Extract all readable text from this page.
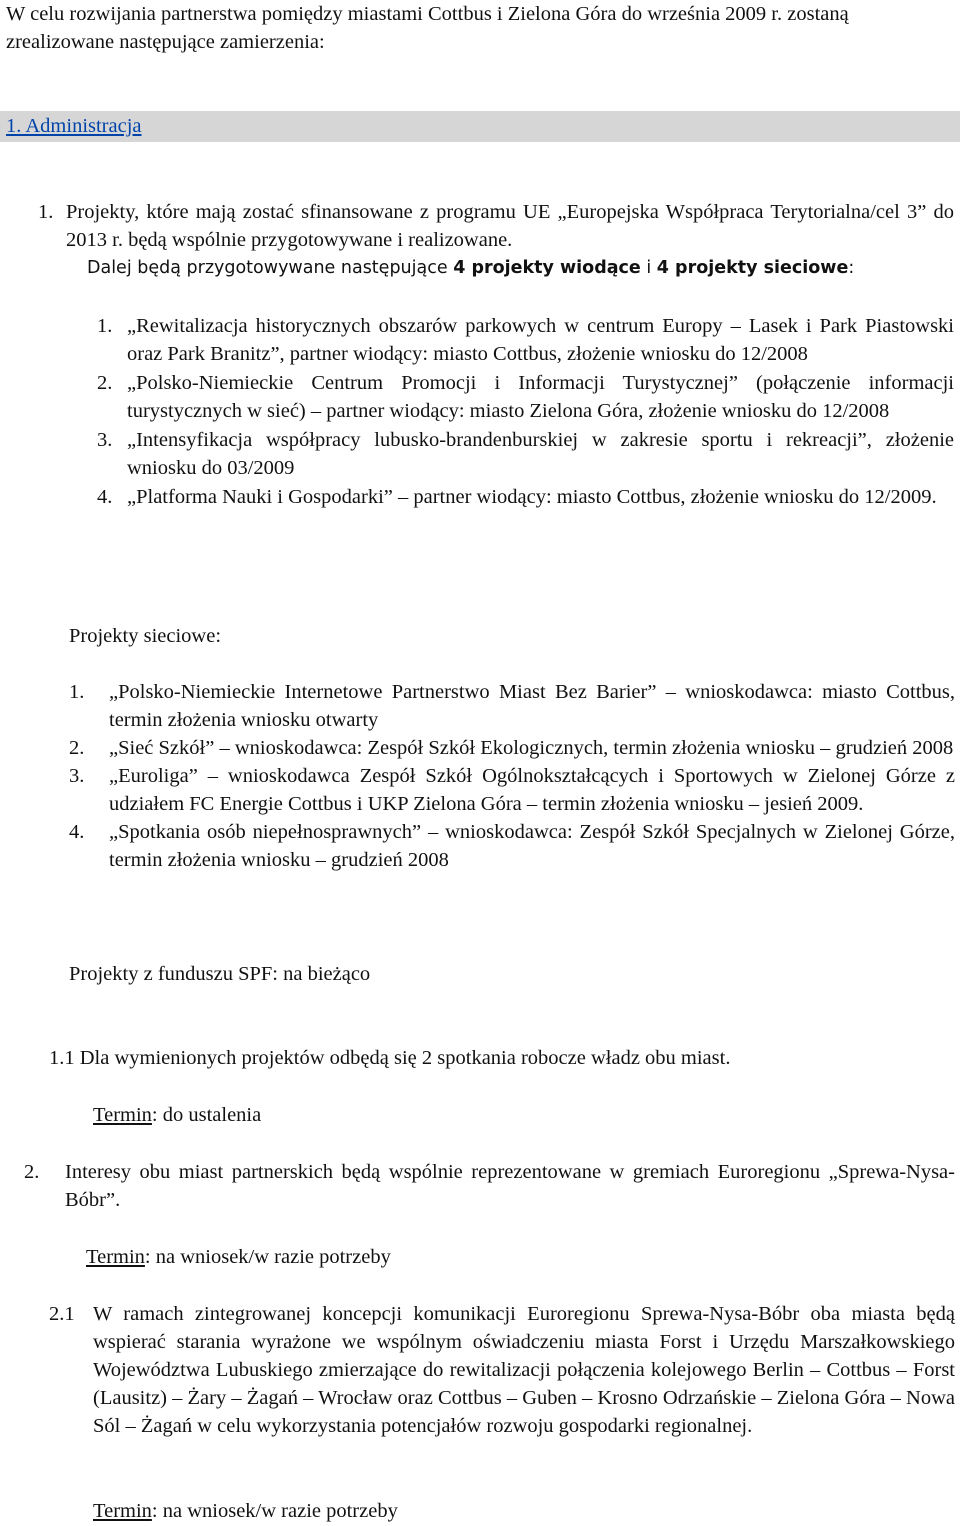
W celu rozwijania partnerstwa pomiędzy miastami Cottbus i Zielona Góra do września 2009 r. zostaną zrealizowane następujące zamierzenia:
1. Administracja
1. Projekty, które mają zostać sfinansowane z programu UE „Europejska Współpraca Terytorialna/cel 3” do 2013 r. będą wspólnie przygotowywane i realizowane.
Dalej będą przygotowywane następujące 4 projekty wiodące i 4 projekty sieciowe:
1. „Rewitalizacja historycznych obszarów parkowych w centrum Europy – Lasek i Park Piastowski oraz Park Branitz”, partner wiodący: miasto Cottbus, złożenie wniosku do 12/2008
2. „Polsko-Niemieckie Centrum Promocji i Informacji Turystycznej” (połączenie informacji turystycznych w sieć) – partner wiodący: miasto Zielona Góra, złożenie wniosku do 12/2008
3. „Intensyfikacja współpracy lubusko-brandenburskiej w zakresie sportu i rekreacji”, złożenie wniosku do 03/2009
4. „Platforma Nauki i Gospodarki” – partner wiodący: miasto Cottbus, złożenie wniosku do 12/2009.
Projekty sieciowe:
1. „Polsko-Niemieckie Internetowe Partnerstwo Miast Bez Barier” – wnioskodawca: miasto Cottbus, termin złożenia wniosku otwarty
2. „Sieć Szkół” – wnioskodawca: Zespół Szkół Ekologicznych, termin złożenia wniosku – grudzień 2008
3. „Euroliga” – wnioskodawca Zespół Szkół Ogólnokształcących i Sportowych w Zielonej Górze z udziałem FC Energie Cottbus i UKP Zielona Góra – termin złożenia wniosku – jesień 2009.
4. „Spotkania osób niepełnosprawnych” – wnioskodawca: Zespół Szkół Specjalnych w Zielonej Górze, termin złożenia wniosku – grudzień 2008
Projekty z funduszu SPF: na bieżąco
1.1 Dla wymienionych projektów odbędą się 2 spotkania robocze władz obu miast.
Termin: do ustalenia
2. Interesy obu miast partnerskich będą wspólnie reprezentowane w gremiach Euroregionu „Sprewa-Nysa-Bóbr”.
Termin: na wniosek/w razie potrzeby
2.1 W ramach zintegrowanej koncepcji komunikacji Euroregionu Sprewa-Nysa-Bóbr oba miasta będą wspierać starania wyrażone we wspólnym oświadczeniu miasta Forst i Urzędu Marszałkowskiego Województwa Lubuskiego zmierzające do rewitalizacji połączenia kolejowego Berlin – Cottbus – Forst (Lausitz) – Żary – Żagań – Wrocław oraz Cottbus – Guben – Krosno Odrzańskie – Zielona Góra – Nowa Sól – Żagań w celu wykorzystania potencjałów rozwoju gospodarki regionalnej.
Termin: na wniosek/w razie potrzeby
